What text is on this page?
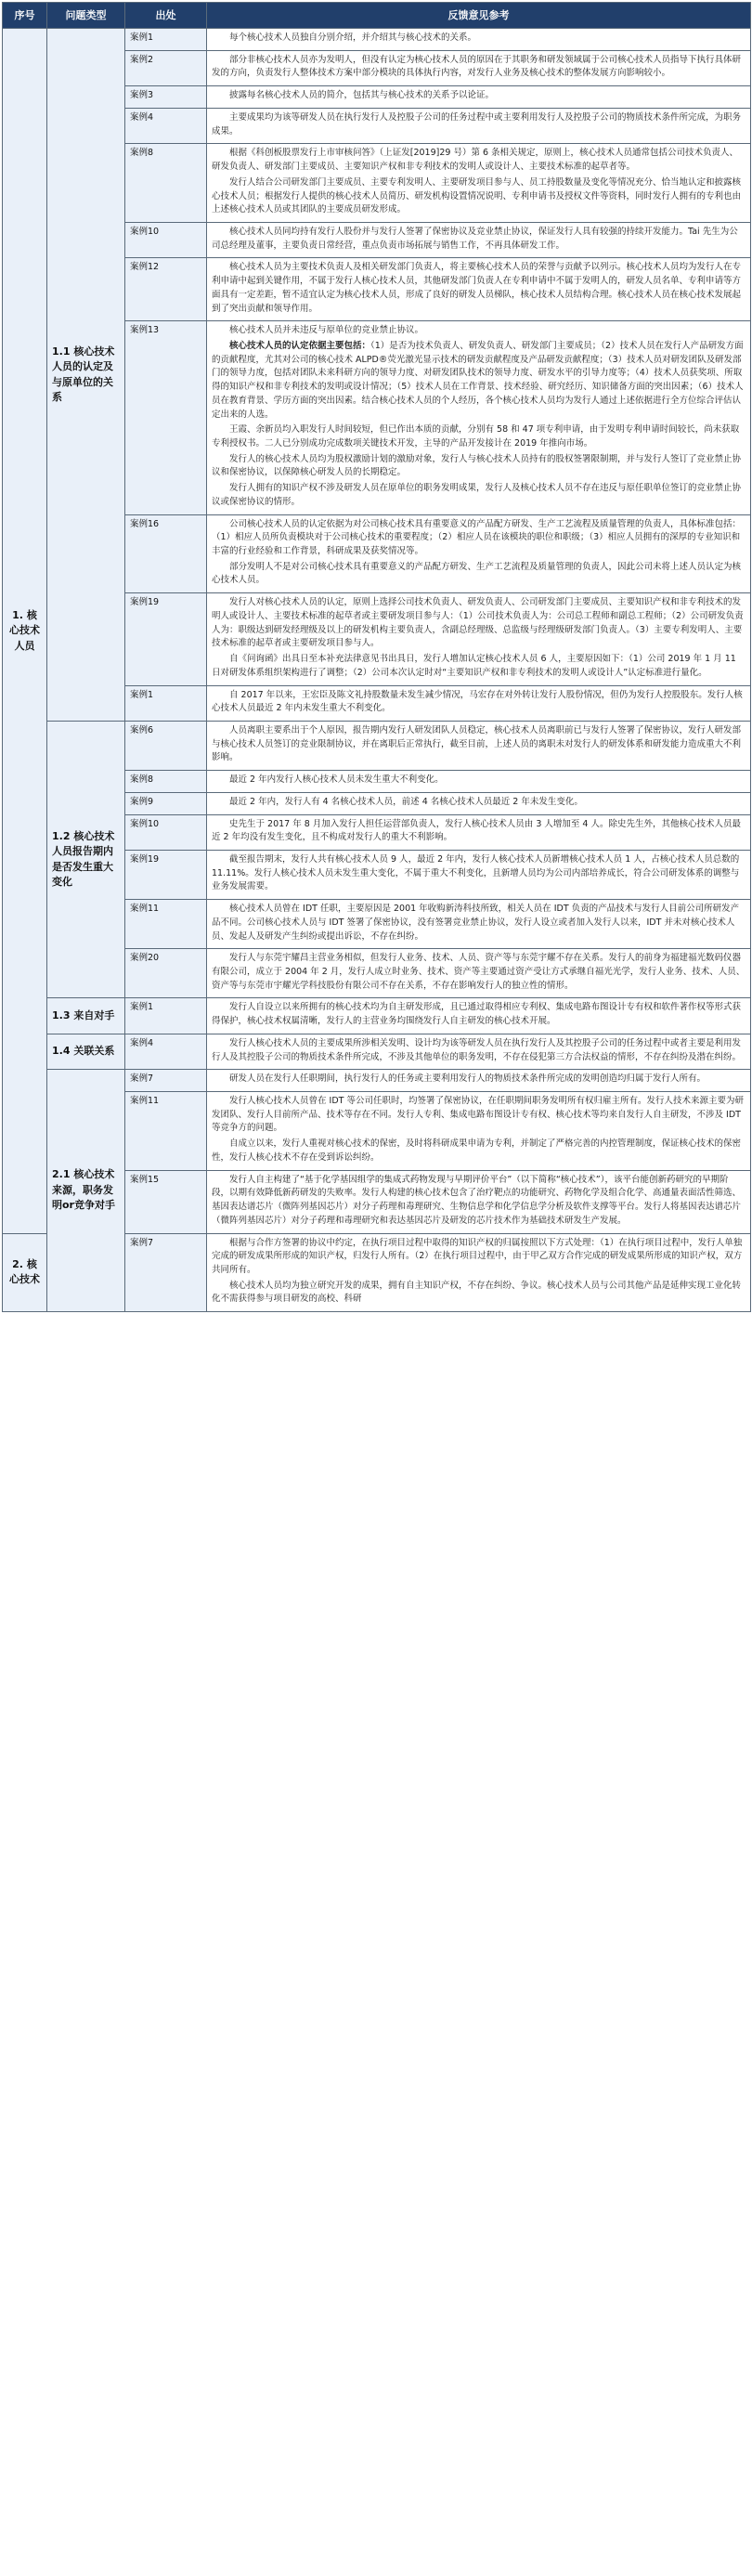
序号	问题类型	出处	反馈意见参考
1. 核心技术人员	1.1 核心技术人员的认定及与原单位的关系	案例1	每个核心技术人员独自分别介绍，并介绍其与核心技术的关系。

		案例2	部分非核心技术人员亦为发明人，但没有认定为核心技术人员的原因在于其职务和研发领域属于公司核心技术人员指导下执行具体研发的方向，负责发行人整体技术方案中部分模块的具体执行内容，对发行人业务及核心技术的整体发展方向影响较小。

		案例3	披露每名核心技术人员的简介，包括其与核心技术的关系予以论证。

		案例4	主要成果均为该等研发人员在执行发行人及控股子公司的任务过程中或主要利用发行人及控股子公司的物质技术条件所完成，为职务成果。

		案例8	根据《科创板股票发行上市审核问答》（上证发[2019]29 号）第 6 条相关规定，原则上，核心技术人员通常包括公司技术负责人、研发负责人、研发部门主要成员、主要知识产权和非专利技术的发明人或设计人、主要技术标准的起草者等。

发行人结合公司研发部门主要成员、主要专利发明人、主要研发项目参与人、员工持股数量及变化等情况充分、恰当地认定和披露核心技术人员；根据发行人提供的核心技术人员简历、研发机构设置情况说明、专利申请书及授权文件等资料，同时发行人拥有的专利也由上述核心技术人员或其团队的主要成员研发形成。

		案例10	核心技术人员同均持有发行人股份并与发行人签署了保密协议及竞业禁止协议，保证发行人具有较强的持续开发能力。Tai 先生为公司总经理及董事，主要负责日常经营，重点负责市场拓展与销售工作，不再具体研发工作。

		案例12	核心技术人员为主要技术负责人及相关研发部门负责人，将主要核心技术人员的荣誉与贡献予以列示。核心技术人员均为发行人在专利申请中起到关键作用，不属于发行人核心技术人员，其他研发部门负责人在专利申请中不属于发明人的，研发人员名单、专利申请等方面具有一定差距，暂不适宜认定为核心技术人员，形成了良好的研发人员梯队，核心技术人员结构合理。核心技术人员在核心技术发展起到了突出贡献和领导作用。

		案例13	核心技术人员并未违反与原单位的竞业禁止协议。

核心技术人员的认定依据主要包括：（1）是否为技术负责人、研发负责人、研发部门主要成员；（2）技术人员在发行人产品研发方面的贡献程度，尤其对公司的核心技术 ALPD®荧光激光显示技术的研发贡献程度及产品研发贡献程度；（3）技术人员对研发团队及研发部门的领导力度，包括对团队未来科研方向的领导力度、对研发团队技术的领导力度、研发水平的引导力度等；（4）技术人员获奖项、所取得的知识产权和非专利技术的发明或设计情况；（5）技术人员在工作背景、技术经验、研究经历、知识储备方面的突出因素；（6）技术人员在教育背景、学历方面的突出因素。结合核心技术人员的个人经历，各个核心技术人员均为发行人通过上述依据进行全方位综合评估认定出来的人选。

王霞、余新员均入职发行人时间较短，但已作出本质的贡献，分别有 58 和 47 项专利申请，由于发明专利申请时间较长，尚未获取专利授权书。二人已分别成功完成数项关键技术开发，主导的产品开发接计在 2019 年推向市场。

发行人的核心技术人员均为股权激励计划的激励对象，发行人与核心技术人员持有的股权签署限制期，并与发行人签订了竞业禁止协议和保密协议，以保障核心研发人员的长期稳定。

发行人拥有的知识产权不涉及研发人员在原单位的职务发明成果，发行人及核心技术人员不存在违反与原任职单位签订的竞业禁止协议或保密协议的情形。

		案例16	公司核心技术人员的认定依据为对公司核心技术具有重要意义的产品配方研发、生产工艺流程及质量管理的负责人，具体标准包括：（1）相应人员所负责模块对于公司核心技术的重要程度；（2）相应人员在该模块的职位和职级；（3）相应人员拥有的深厚的专业知识和丰富的行业经验和工作背景，科研成果及获奖情况等。

部分发明人不是对公司核心技术具有重要意义的产品配方研发、生产工艺流程及质量管理的负责人，因此公司未将上述人员认定为核心技术人员。

		案例19	发行人对核心技术人员的认定，原则上选择公司技术负责人、研发负责人、公司研发部门主要成员、主要知识产权和非专利技术的发明人或设计人、主要技术标准的起草者或主要研发项目参与人：（1）公司技术负责人为：公司总工程师和副总工程师；（2）公司研发负责人为：职级达到研发经理级及以上的研发机构主要负责人，含副总经理级、总监级与经理级研发部门负责人。（3）主要专利发明人、主要技术标准的起草者或主要研发项目参与人。

自《问询函》出具日至本补充法律意见书出具日，发行人增加认定核心技术人员 6 人，主要原因如下：（1）公司 2019 年 1 月 11 日对研发体系组织架构进行了调整；（2）公司本次认定时对“主要知识产权和非专利技术的发明人或设计人”认定标准进行量化。

		案例1	自 2017 年以来，王宏臣及陈文礼持股数量未发生减少情况，马宏存在对外转让发行人股份情况，但仍为发行人控股股东。发行人核心技术人员最近 2 年内未发生重大不利变化。

	1.2 核心技术人员报告期内是否发生重大变化	案例6	人员离职主要系出于个人原因，报告期内发行人研发团队人员稳定，核心技术人员离职前已与发行人签署了保密协议，发行人研发部与核心技术人员签订的竞业限制协议，并在离职后正常执行，截至目前，上述人员的离职未对发行人的研发体系和研发能力造成重大不利影响。

		案例8	最近 2 年内发行人核心技术人员未发生重大不利变化。

		案例9	最近 2 年内，发行人有 4 名核心技术人员，前述 4 名核心技术人员最近 2 年未发生变化。

		案例10	史先生于 2017 年 8 月加入发行人担任运营部负责人，发行人核心技术人员由 3 人增加至 4 人。除史先生外，其他核心技术人员最近 2 年均没有发生变化，且不构成对发行人的重大不利影响。

		案例19	截至报告期末，发行人共有核心技术人员 9 人，最近 2 年内，发行人核心技术人员新增核心技术人员 1 人，占核心技术人员总数的 11.11%。发行人核心技术人员未发生重大变化，不属于重大不利变化，且新增人员均为公司内部培养成长，符合公司研发体系的调整与业务发展需要。

		案例11	核心技术人员曾在 IDT 任职，主要原因是 2001 年收购新涛科技所致，相关人员在 IDT 负责的产品技术与发行人目前公司所研发产品不同。公司核心技术人员与 IDT 签署了保密协议，没有签署竞业禁止协议，发行人设立或者加入发行人以来，IDT 并未对核心技术人员、发起人及研发产生纠纷或提出诉讼，不存在纠纷。

		案例20	发行人与东莞宇耀昌主营业务相似，但发行人业务、技术、人员、资产等与东莞宇耀不存在关系。发行人的前身为福建福光数码仪器有限公司，成立于 2004 年 2 月，发行人成立时业务、技术、资产等主要通过资产受让方式承继自福光光学，发行人业务、技术、人员、资产等与东莞市宇耀光学科技股份有限公司不存在关系，不存在影响发行人的独立性的情形。

	1.3 来自对手	案例1	发行人自设立以来所拥有的核心技术均为自主研发形成，且已通过取得相应专利权、集成电路布图设计专有权和软件著作权等形式获得保护，核心技术权属清晰，发行人的主营业务均围绕发行人自主研发的核心技术开展。

	1.4 关联关系	案例4	发行人核心技术人员的主要成果所涉相关发明、设计均为该等研发人员在执行发行人及其控股子公司的任务过程中或者主要是利用发行人及其控股子公司的物质技术条件所完成，不涉及其他单位的职务发明，不存在侵犯第三方合法权益的情形，不存在纠纷及潜在纠纷。

	2.1 核心技术来源，职务发明or竞争对手	案例7	研发人员在发行人任职期间，执行发行人的任务或主要利用发行人的物质技术条件所完成的发明创造均归属于发行人所有。

		案例11	发行人核心技术人员曾在 IDT 等公司任职时，均签署了保密协议，在任职期间职务发明所有权归雇主所有。发行人技术来源主要为研发团队、发行人目前所产品、技术等存在不同。发行人专利、集成电路布图设计专有权、核心技术等均来自发行人自主研发，不涉及 IDT 等竞争方的问题。

自成立以来，发行人重视对核心技术的保密，及时将科研成果申请为专利，并制定了严格完善的内控管理制度，保证核心技术的保密性，发行人核心技术不存在受到诉讼纠纷。

		案例15	发行人自主构建了“基于化学基因组学的集成式药物发现与早期评价平台”（以下简称“核心技术”），该平台能创新药研究的早期阶段，以期有效降低新药研发的失败率。发行人构建的核心技术包含了治疗靶点的功能研究、药物化学及组合化学、高通量表面活性筛选、基因表达谱芯片（微阵列基因芯片）对分子药理和毒理研究、生物信息学和化学信息学分析及软件支撑等平台。发行人将基因表达谱芯片（微阵列基因芯片）对分子药理和毒理研究和表达基因芯片及研发的芯片技术作为基础技术研发生产发展。

2. 核心技术		案例7	根据与合作方签署的协议中约定，在执行项目过程中取得的知识产权的归属按照以下方式处理：（1）在执行项目过程中，发行人单独完成的研发成果所形成的知识产权，归发行人所有。（2）在执行项目过程中，由于甲乙双方合作完成的研发成果所形成的知识产权，双方共同所有。

核心技术人员均为独立研究开发的成果，拥有自主知识产权，不存在纠纷、争议。核心技术人员与公司其他产品是延伸实现工业化转化不需获得参与项目研发的高校、科研
